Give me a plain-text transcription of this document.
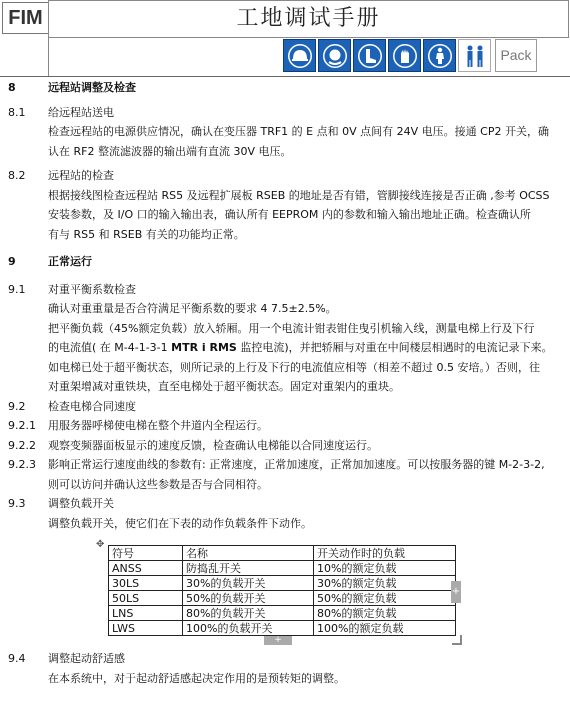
FIM	工地调试手册
Pack
8	远程站调整及检查
8.1 给远程站送电
检查远程站的电源供应情况，确认在变压器 TRF1 的 E 点和 0V 点间有 24V 电压。接通 CP2 开关，确
认在 RF2 整流滤波器的输出端有直流 30V 电压。
8.2 远程站的检查
根据接线图检查远程站 RS5 及远程扩展板 RSEB 的地址是否有错，管脚接线连接是否正确 ,参考 OCSS
安装参数，及 I/O 口的输入输出表，确认所有 EEPROM 内的参数和输入输出地址正确。检查确认所
有与 RS5 和 RSEB 有关的功能均正常。
9	正常运行
9.1 对重平衡系数检查
确认对重重量是否合符满足平衡系数的要求 4 7.5±2.5%。
把平衡负载（45%额定负载）放入轿厢。用一个电流计钳表钳住曳引机输入线，测量电梯上行及下行
的电流值( 在 M-4-1-3-1 MTR i RMS 监控电流)，并把轿厢与对重在中间楼层相遇时的电流记录下来。
如电梯已处于超平衡状态，则所记录的上行及下行的电流值应相等（相差不超过 0.5 安培。）否则，往
对重架增减对重铁块，直至电梯处于超平衡状态。固定对重架内的重块。
9.2 检查电梯合同速度
9.2.1 用服务器呼梯使电梯在整个井道内全程运行。
9.2.2 观察变频器面板显示的速度反馈，检查确认电梯能以合同速度运行。
9.2.3 影响正常运行速度曲线的参数有: 正常速度，正常加速度，正常加加速度。可以按服务器的键 M-2-3-2,
则可以访问并确认这些参数是否与合同相符。
9.3 调整负载开关
调整负载开关，使它们在下表的动作负载条件下动作。
✥
符号	名称	开关动作时的负载
ANSS	防捣乱开关	10%的额定负载
30LS	30%的负载开关	30%的额定负载
50LS	50%的负载开关	50%的额定负载
LNS	80%的负载开关	80%的额定负载
LWS	100%的负载开关	100%的额定负载
+
+
9.4 调整起动舒适感
在本系统中，对于起动舒适感起决定作用的是预转矩的调整。
